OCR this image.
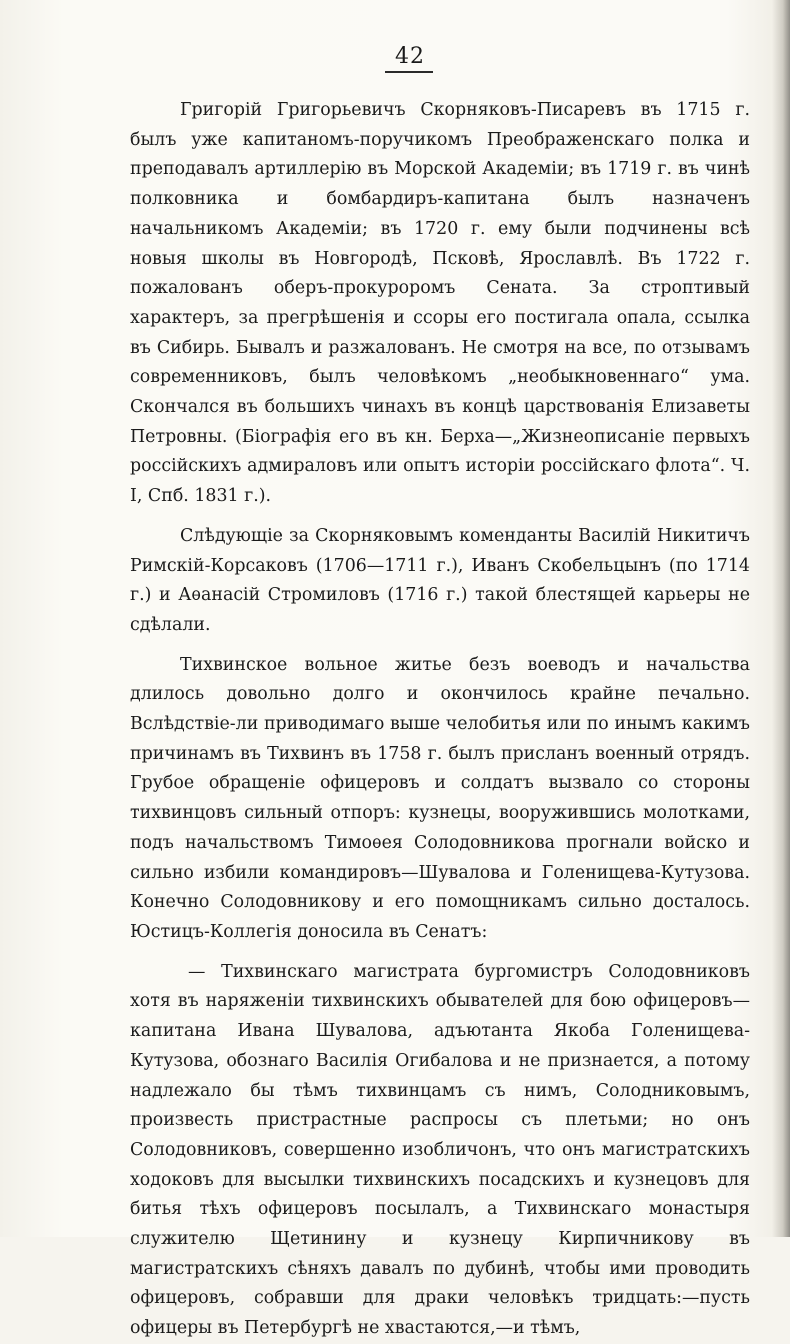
42

Григорій Григорьевичъ Скорняковъ-Писаревъ въ 1715 г. былъ уже капитаномъ-поручикомъ Преображенскаго полка и преподавалъ артиллерію въ Морской Академіи; въ 1719 г. въ чинѣ полковника и бомбардиръ-капитана былъ назначенъ начальникомъ Академіи; въ 1720 г. ему были подчинены всѣ новыя школы въ Новгородѣ, Псковѣ, Ярославлѣ. Въ 1722 г. пожалованъ оберъ-прокуроромъ Сената. За строптивый характеръ, за прегрѣшенія и ссоры его постигала опала, ссылка въ Сибирь. Бывалъ и разжалованъ. Не смотря на все, по отзывамъ современниковъ, былъ человѣкомъ „необыкновеннаго“ ума. Скончался въ большихъ чинахъ въ концѣ царствованія Елизаветы Петровны. (Біографія его въ кн. Берха—„Жизнеописаніе первыхъ россійскихъ адмираловъ или опытъ исторіи россійскаго флота“. Ч. I, Спб. 1831 г.).

Слѣдующіе за Скорняковымъ коменданты Василій Никитичъ Римскій-Корсаковъ (1706—1711 г.), Иванъ Скобельцынъ (по 1714 г.) и Аѳанасій Стромиловъ (1716 г.) такой блестящей карьеры не сдѣлали.

Тихвинское вольное житье безъ воеводъ и начальства длилось довольно долго и окончилось крайне печально. Вслѣдствіе-ли приводимаго выше челобитья или по инымъ какимъ причинамъ въ Тихвинъ въ 1758 г. былъ присланъ военный отрядъ. Грубое обращеніе офицеровъ и солдатъ вызвало со стороны тихвинцовъ сильный отпоръ: кузнецы, вооружившись молотками, подъ начальствомъ Тимоѳея Солодовникова прогнали войско и сильно избили командировъ—Шувалова и Голенищева-Кутузова. Конечно Солодовникову и его помощникамъ сильно досталось. Юстицъ-Коллегія доносила въ Сенатъ:

— Тихвинскаго магистрата бургомистръ Солодовниковъ хотя въ наряженіи тихвинскихъ обывателей для бою офицеровъ—капитана Ивана Шувалова, адъютанта Якоба Голенищева-Кутузова, обознаго Василія Огибалова и не признается, а потому надлежало бы тѣмъ тихвинцамъ съ нимъ, Солодниковымъ, произвесть пристрастные распросы съ плетьми; но онъ Солодовниковъ, совершенно изобличонъ, что онъ магистратскихъ ходоковъ для высылки тихвинскихъ посадскихъ и кузнецовъ для битья тѣхъ офицеровъ посылалъ, а Тихвинскаго монастыря служителю Щетинину и кузнецу Кирпичникову въ магистратскихъ сѣняхъ давалъ по дубинѣ, чтобы ими проводить офицеровъ, собравши для драки человѣкъ тридцать:—пусть офицеры въ Петербургѣ не хвастаются,—и тѣмъ,
